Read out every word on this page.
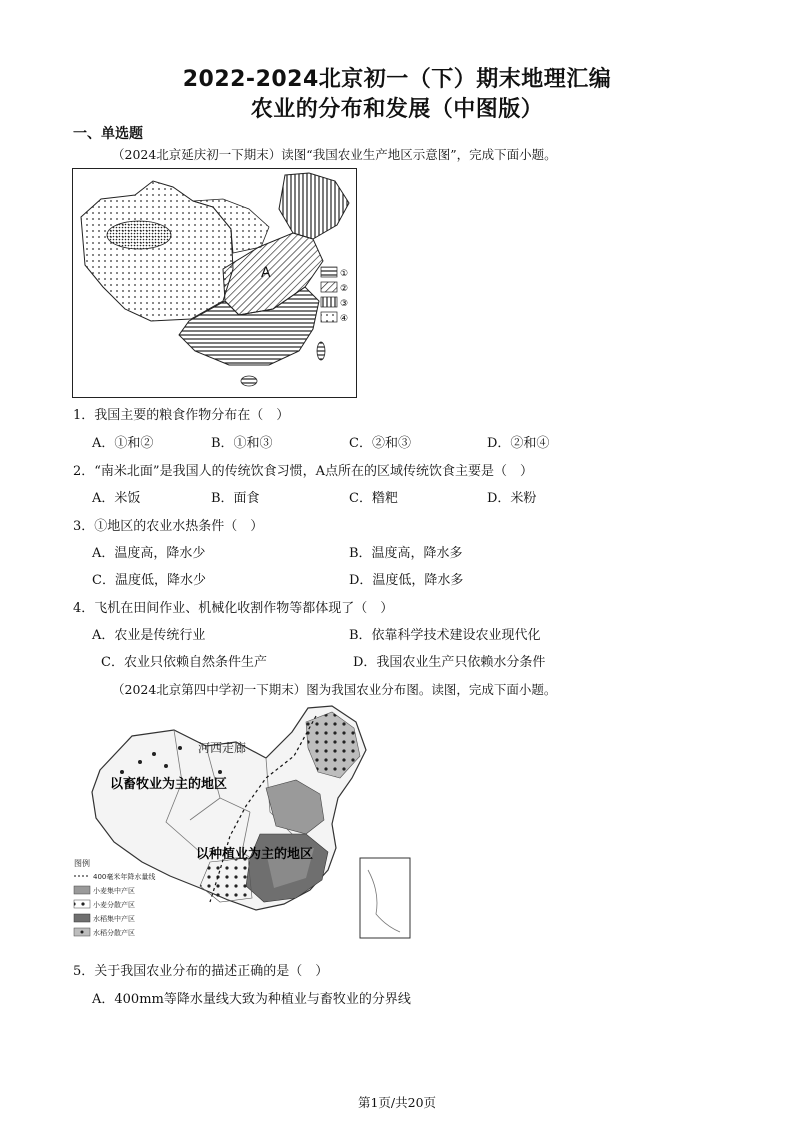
2022-2024北京初一（下）期末地理汇编
农业的分布和发展（中图版）
一、单选题
（2024北京延庆初一下期末）读图“我国农业生产地区示意图”，完成下面小题。
A	①
②
③
④
1．我国主要的粮食作物分布在（　）
A．①和②	B．①和③	C．②和③	D．②和④
2．“南米北面”是我国人的传统饮食习惯，A点所在的区域传统饮食主要是（　）
A．米饭	B．面食	C．糌粑	D．米粉
3．①地区的农业水热条件（　）
A．温度高，降水少	B．温度高，降水多
C．温度低，降水少	D．温度低，降水多
4．飞机在田间作业、机械化收割作物等都体现了（　）
A．农业是传统行业	B．依靠科学技术建设农业现代化
C．农业只依赖自然条件生产	D．我国农业生产只依赖水分条件
（2024北京第四中学初一下期末）图为我国农业分布图。读图，完成下面小题。
河西走廊
以畜牧业为主的地区
以种植业为主的地区
图例
400毫米年降水量线
小麦集中产区
小麦分散产区
水稻集中产区
水稻分散产区
5．关于我国农业分布的描述正确的是（　）
A．400mm等降水量线大致为种植业与畜牧业的分界线
第1页/共20页
